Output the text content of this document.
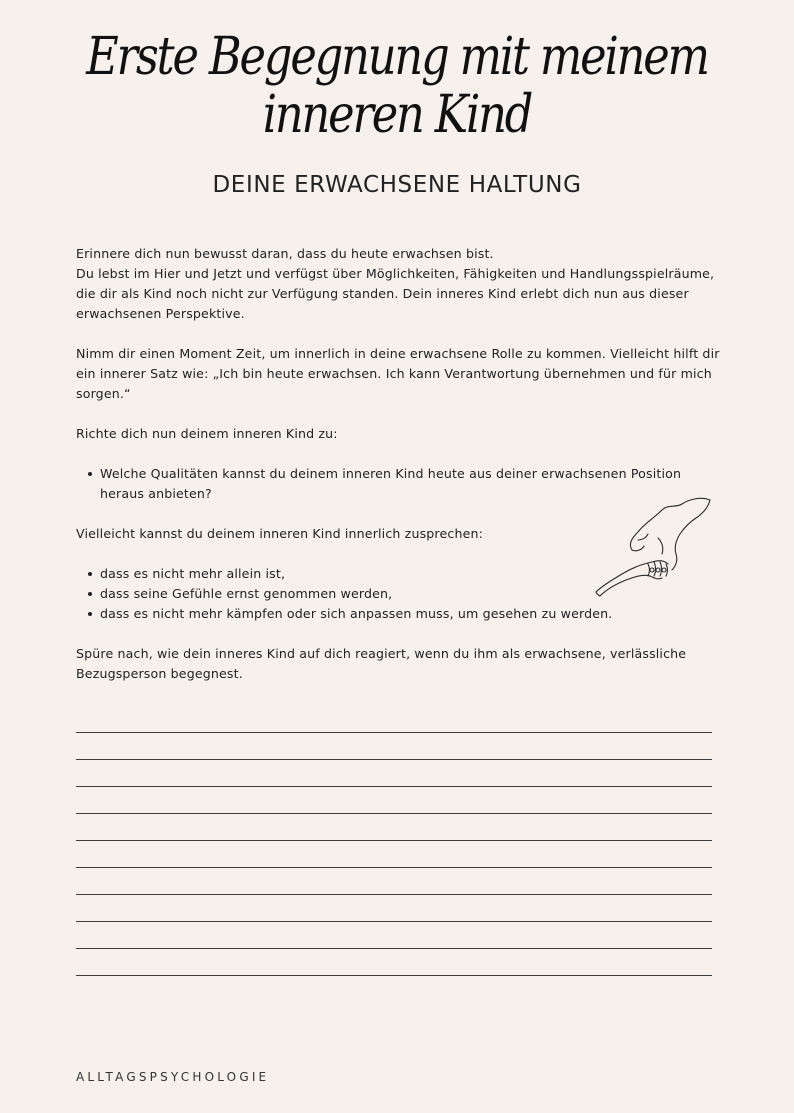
Erste Begegnung mit meinem inneren Kind
DEINE ERWACHSENE HALTUNG

Erinnere dich nun bewusst daran, dass du heute erwachsen bist.

Du lebst im Hier und Jetzt und verfügst über Möglichkeiten, Fähigkeiten und Handlungsspielräume, die dir als Kind noch nicht zur Verfügung standen. Dein inneres Kind erlebt dich nun aus dieser erwachsenen Perspektive.

Nimm dir einen Moment Zeit, um innerlich in deine erwachsene Rolle zu kommen. Vielleicht hilft dir ein innerer Satz wie: „Ich bin heute erwachsen. Ich kann Verantwortung übernehmen und für mich sorgen.“

Richte dich nun deinem inneren Kind zu:

Welche Qualitäten kannst du deinem inneren Kind heute aus deiner erwachsenen Position heraus anbieten?

Vielleicht kannst du deinem inneren Kind innerlich zusprechen:

dass es nicht mehr allein ist,
dass seine Gefühle ernst genommen werden,
dass es nicht mehr kämpfen oder sich anpassen muss, um gesehen zu werden.

Spüre nach, wie dein inneres Kind auf dich reagiert, wenn du ihm als erwachsene, verlässliche Bezugsperson begegnest.

ALLTAGSPSYCHOLOGIE
